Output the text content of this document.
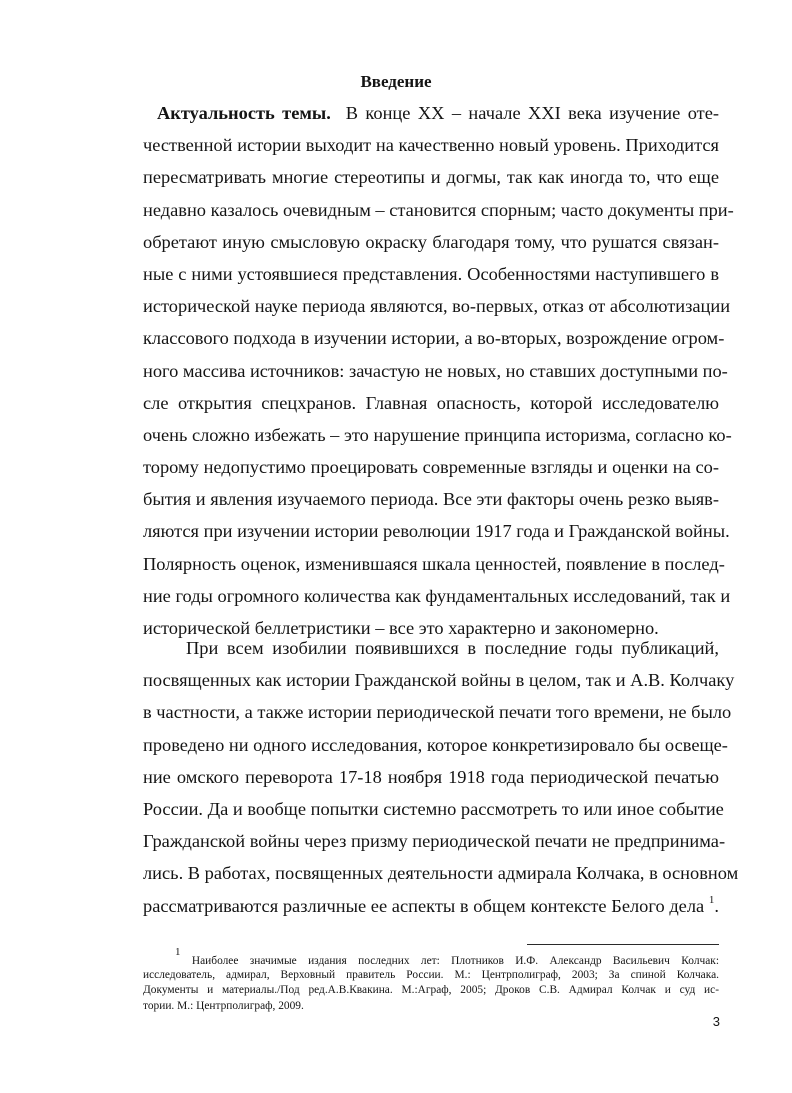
Введение
Актуальность темы. В конце XX – начале XXI века изучение оте-
чественной истории выходит на качественно новый уровень. Приходится
пересматривать многие стереотипы и догмы, так как иногда то, что еще
недавно казалось очевидным – становится спорным; часто документы при-
обретают иную смысловую окраску благодаря тому, что рушатся связан-
ные с ними устоявшиеся представления. Особенностями наступившего в
исторической науке периода являются, во-первых, отказ от абсолютизации
классового подхода в изучении истории, а во-вторых, возрождение огром-
ного массива источников: зачастую не новых, но ставших доступными по-
сле открытия спецхранов. Главная опасность, которой исследователю
очень сложно избежать – это нарушение принципа историзма, согласно ко-
торому недопустимо проецировать современные взгляды и оценки на со-
бытия и явления изучаемого периода. Все эти факторы очень резко выяв-
ляются при изучении истории революции 1917 года и Гражданской войны.
Полярность оценок, изменившаяся шкала ценностей, появление в послед-
ние годы огромного количества как фундаментальных исследований, так и
исторической беллетристики – все это характерно и закономерно.
При всем изобилии появившихся в последние годы публикаций,
посвященных как истории Гражданской войны в целом, так и А.В. Колчаку
в частности, а также истории периодической печати того времени, не было
проведено ни одного исследования, которое конкретизировало бы освеще-
ние омского переворота 17-18 ноября 1918 года периодической печатью
России. Да и вообще попытки системно рассмотреть то или иное событие
Гражданской войны через призму периодической печати не предпринима-
лись. В работах, посвященных деятельности адмирала Колчака, в основном
рассматриваются различные ее аспекты в общем контексте Белого дела $^1$.
$^1$ Наиболее значимые издания последних лет: Плотников И.Ф. Александр Васильевич Колчак:
исследователь, адмирал, Верховный правитель России. М.: Центрполиграф, 2003; За спиной Колчака.
Документы и материалы./Под ред.А.В.Квакина. М.:Аграф, 2005; Дроков С.В. Адмирал Колчак и суд ис-
тории. М.: Центрполиграф, 2009.
3
